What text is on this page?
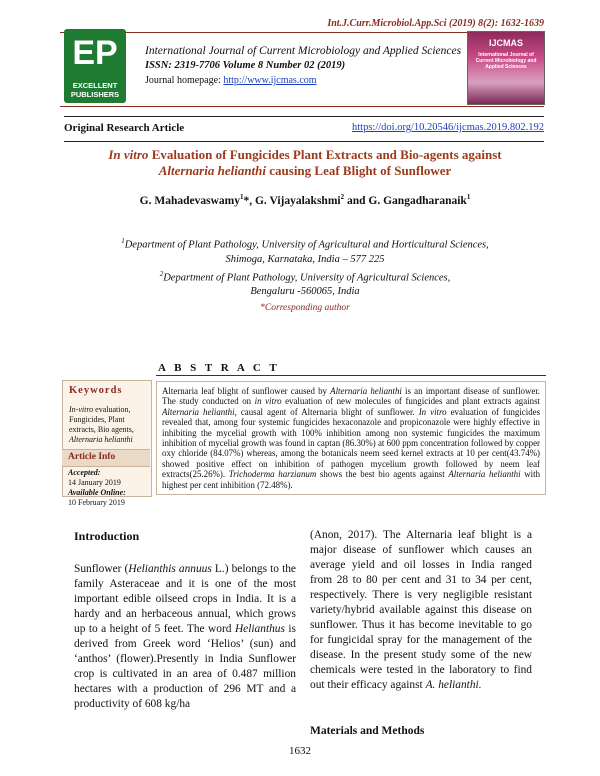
Int.J.Curr.Microbiol.App.Sci (2019) 8(2): 1632-1639
EP
EXCELLENT PUBLISHERS
International Journal of Current Microbiology and Applied Sciences
ISSN: 2319-7706 Volume 8 Number 02 (2019)
Journal homepage: http://www.ijcmas.com
IJCMAS
International Journal of Current Microbiology and Applied Sciences
Original Research Article	https://doi.org/10.20546/ijcmas.2019.802.192
In vitro Evaluation of Fungicides Plant Extracts and Bio-agents against
Alternaria helianthi causing Leaf Blight of Sunflower
G. Mahadevaswamy$^1$*, G. Vijayalakshmi$^2$ and G. Gangadharanaik$^1$
$^1$Department of Plant Pathology, University of Agricultural and Horticultural Sciences,
Shimoga, Karnataka, India – 577 225
$^2$Department of Plant Pathology, University of Agricultural Sciences,
Bengaluru -560065, India
*Corresponding author
A B S T R A C T
Keywords
In-vitro evaluation, Fungicides, Plant extracts, Bio agents, Alternaria helianthi
Article Info
Accepted:
14 January 2019
Available Online:
10 February 2019
Alternaria leaf blight of sunflower caused by Alternaria helianthi is an important disease of sunflower. The study conducted on in vitro evaluation of new molecules of fungicides and plant extracts against Alternaria helianthi, causal agent of Alternaria blight of sunflower. In vitro evaluation of fungicides revealed that, among four systemic fungicides hexaconazole and propiconazole were highly effective in inhibiting the mycelial growth with 100% inhibition among non systemic fungicides the maximum inhibition of mycelial growth was found in captan (86.30%) at 600 ppm concentration followed by copper oxy chloride (84.07%) whereas, among the botanicals neem seed kernel extracts at 10 per cent(43.74%) showed positive effect on inhibition of pathogen mycelium growth followed by neem leaf extracts(25.26%). Trichoderma harzianum shows the best bio agents against Alternaria helianthi with highest per cent inhibition (72.48%).
Introduction
Sunflower (Helianthis annuus L.) belongs to the family Asteraceae and it is one of the most important edible oilseed crops in India. It is a hardy and an herbaceous annual, which grows up to a height of 5 feet. The word Helianthus is derived from Greek word ‘Helios’ (sun) and ‘anthos’ (flower).Presently in India Sunflower crop is cultivated in an area of 0.487 million hectares with a production of 296 MT and a productivity of 608 kg/ha
(Anon, 2017). The Alternaria leaf blight is a major disease of sunflower which causes an average yield and oil losses in India ranged from 28 to 80 per cent and 31 to 34 per cent, respectively. There is very negligible resistant variety/hybrid available against this disease on sunflower. Thus it has become inevitable to go for fungicidal spray for the management of the disease. In the present study some of the new chemicals were tested in the laboratory to find out their efficacy against A. helianthi.
Materials and Methods
1632
